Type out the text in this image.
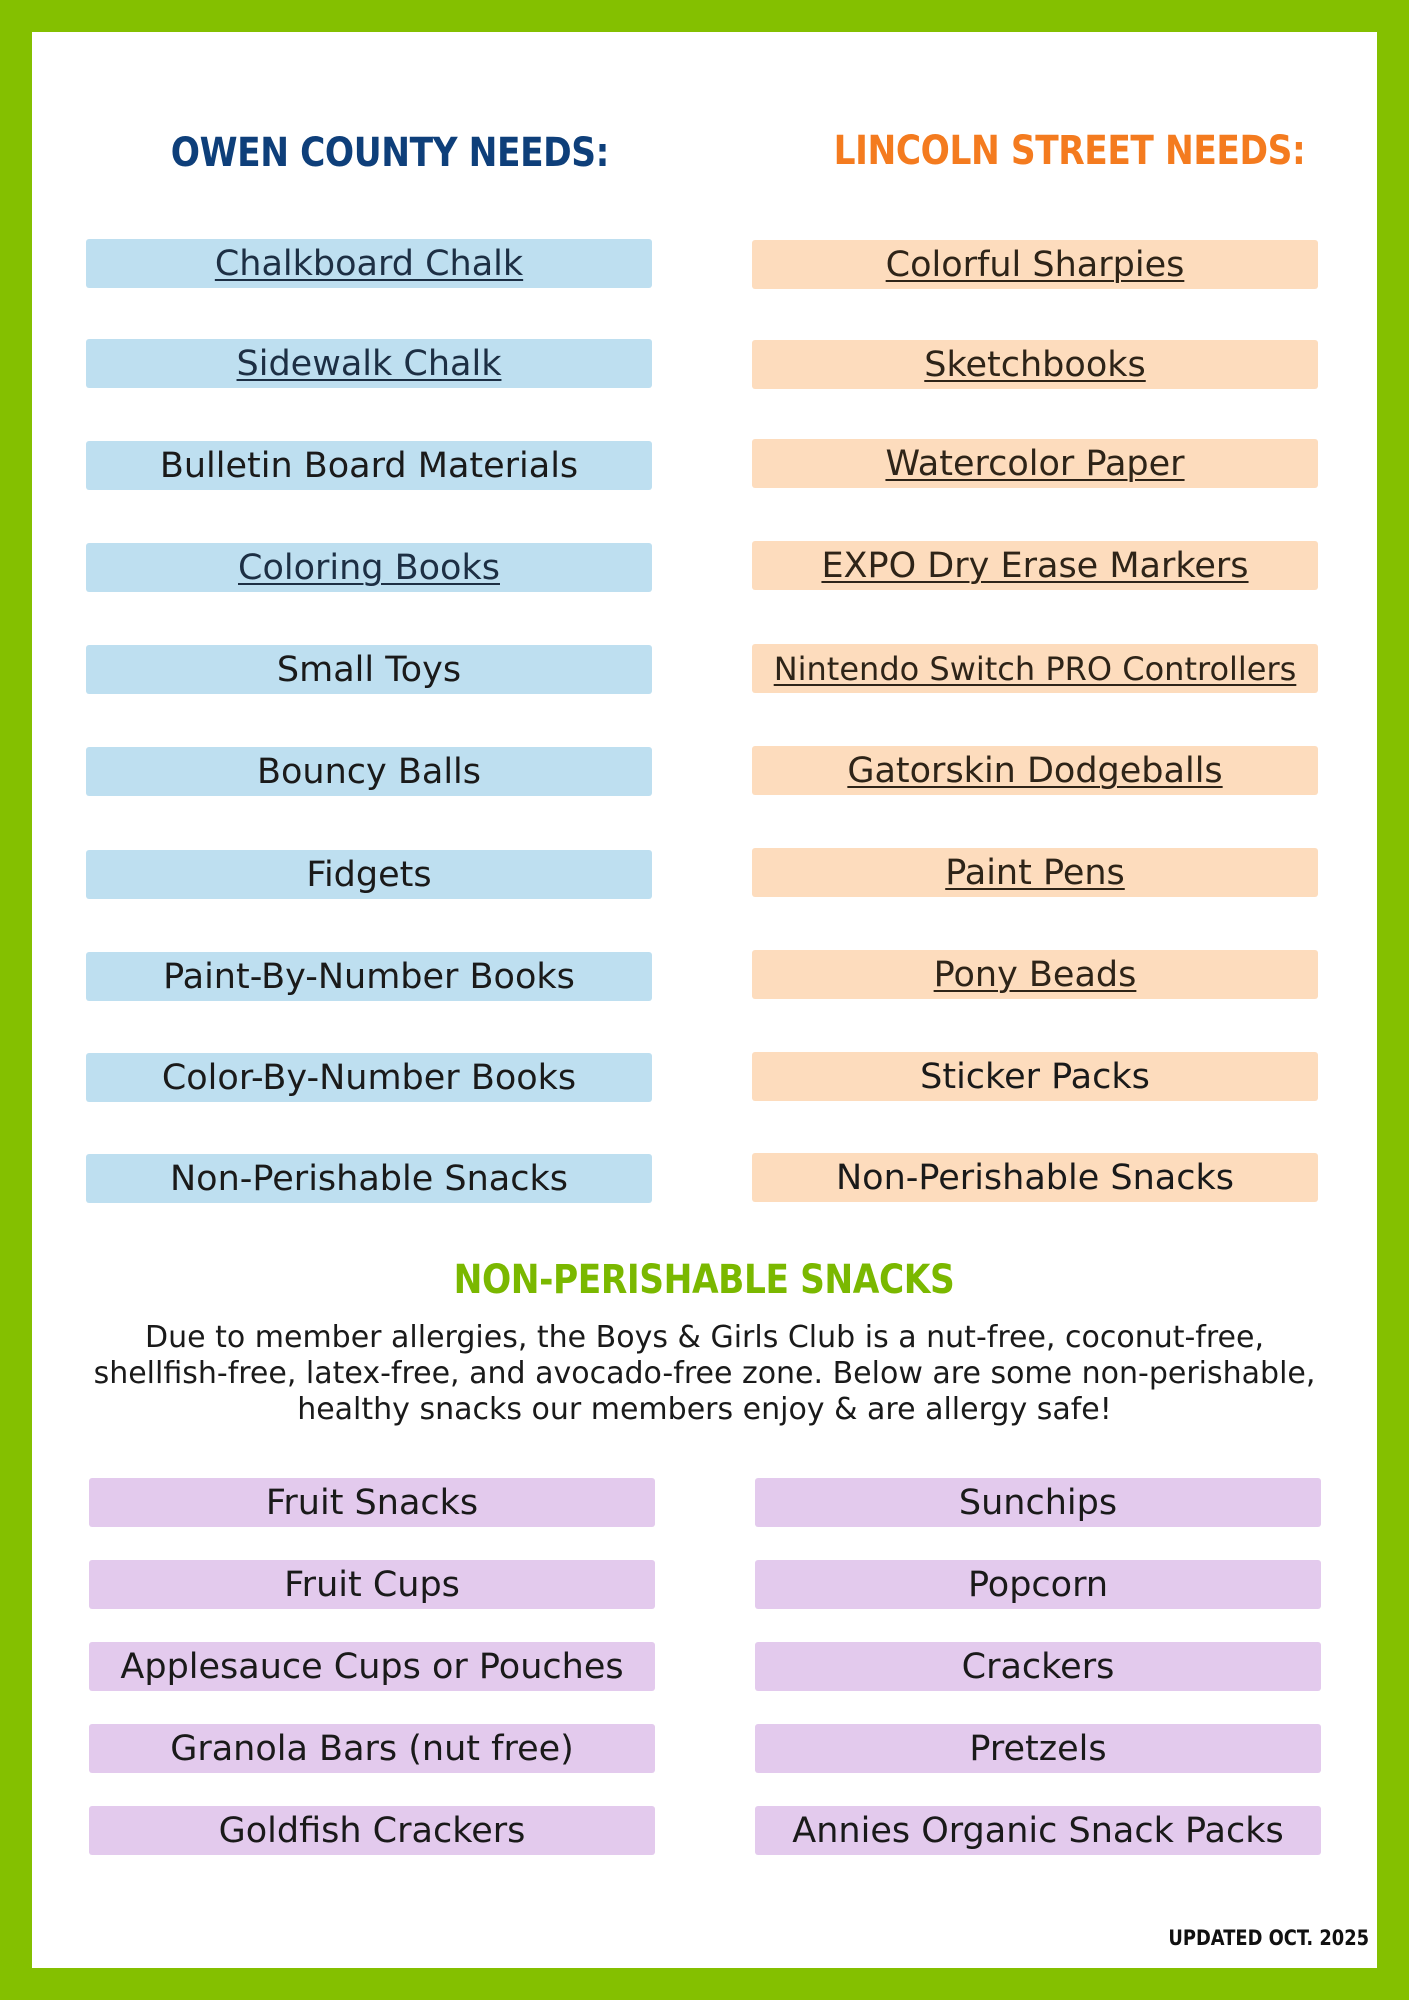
OWEN COUNTY NEEDS:	LINCOLN STREET NEEDS:
Chalkboard Chalk
Sidewalk Chalk
Bulletin Board Materials
Coloring Books
Small Toys
Bouncy Balls
Fidgets
Paint-By-Number Books
Color-By-Number Books
Non-Perishable Snacks
Colorful Sharpies
Sketchbooks
Watercolor Paper
EXPO Dry Erase Markers
Nintendo Switch PRO Controllers
Gatorskin Dodgeballs
Paint Pens
Pony Beads
Sticker Packs
Non-Perishable Snacks
NON-PERISHABLE SNACKS

Due to member allergies, the Boys & Girls Club is a nut-free, coconut-free,

shellfish-free, latex-free, and avocado-free zone. Below are some non-perishable,

healthy snacks our members enjoy & are allergy safe!

Fruit Snacks
Fruit Cups
Applesauce Cups or Pouches
Granola Bars (nut free)
Goldfish Crackers
Sunchips
Popcorn
Crackers
Pretzels
Annies Organic Snack Packs
UPDATED OCT. 2025
